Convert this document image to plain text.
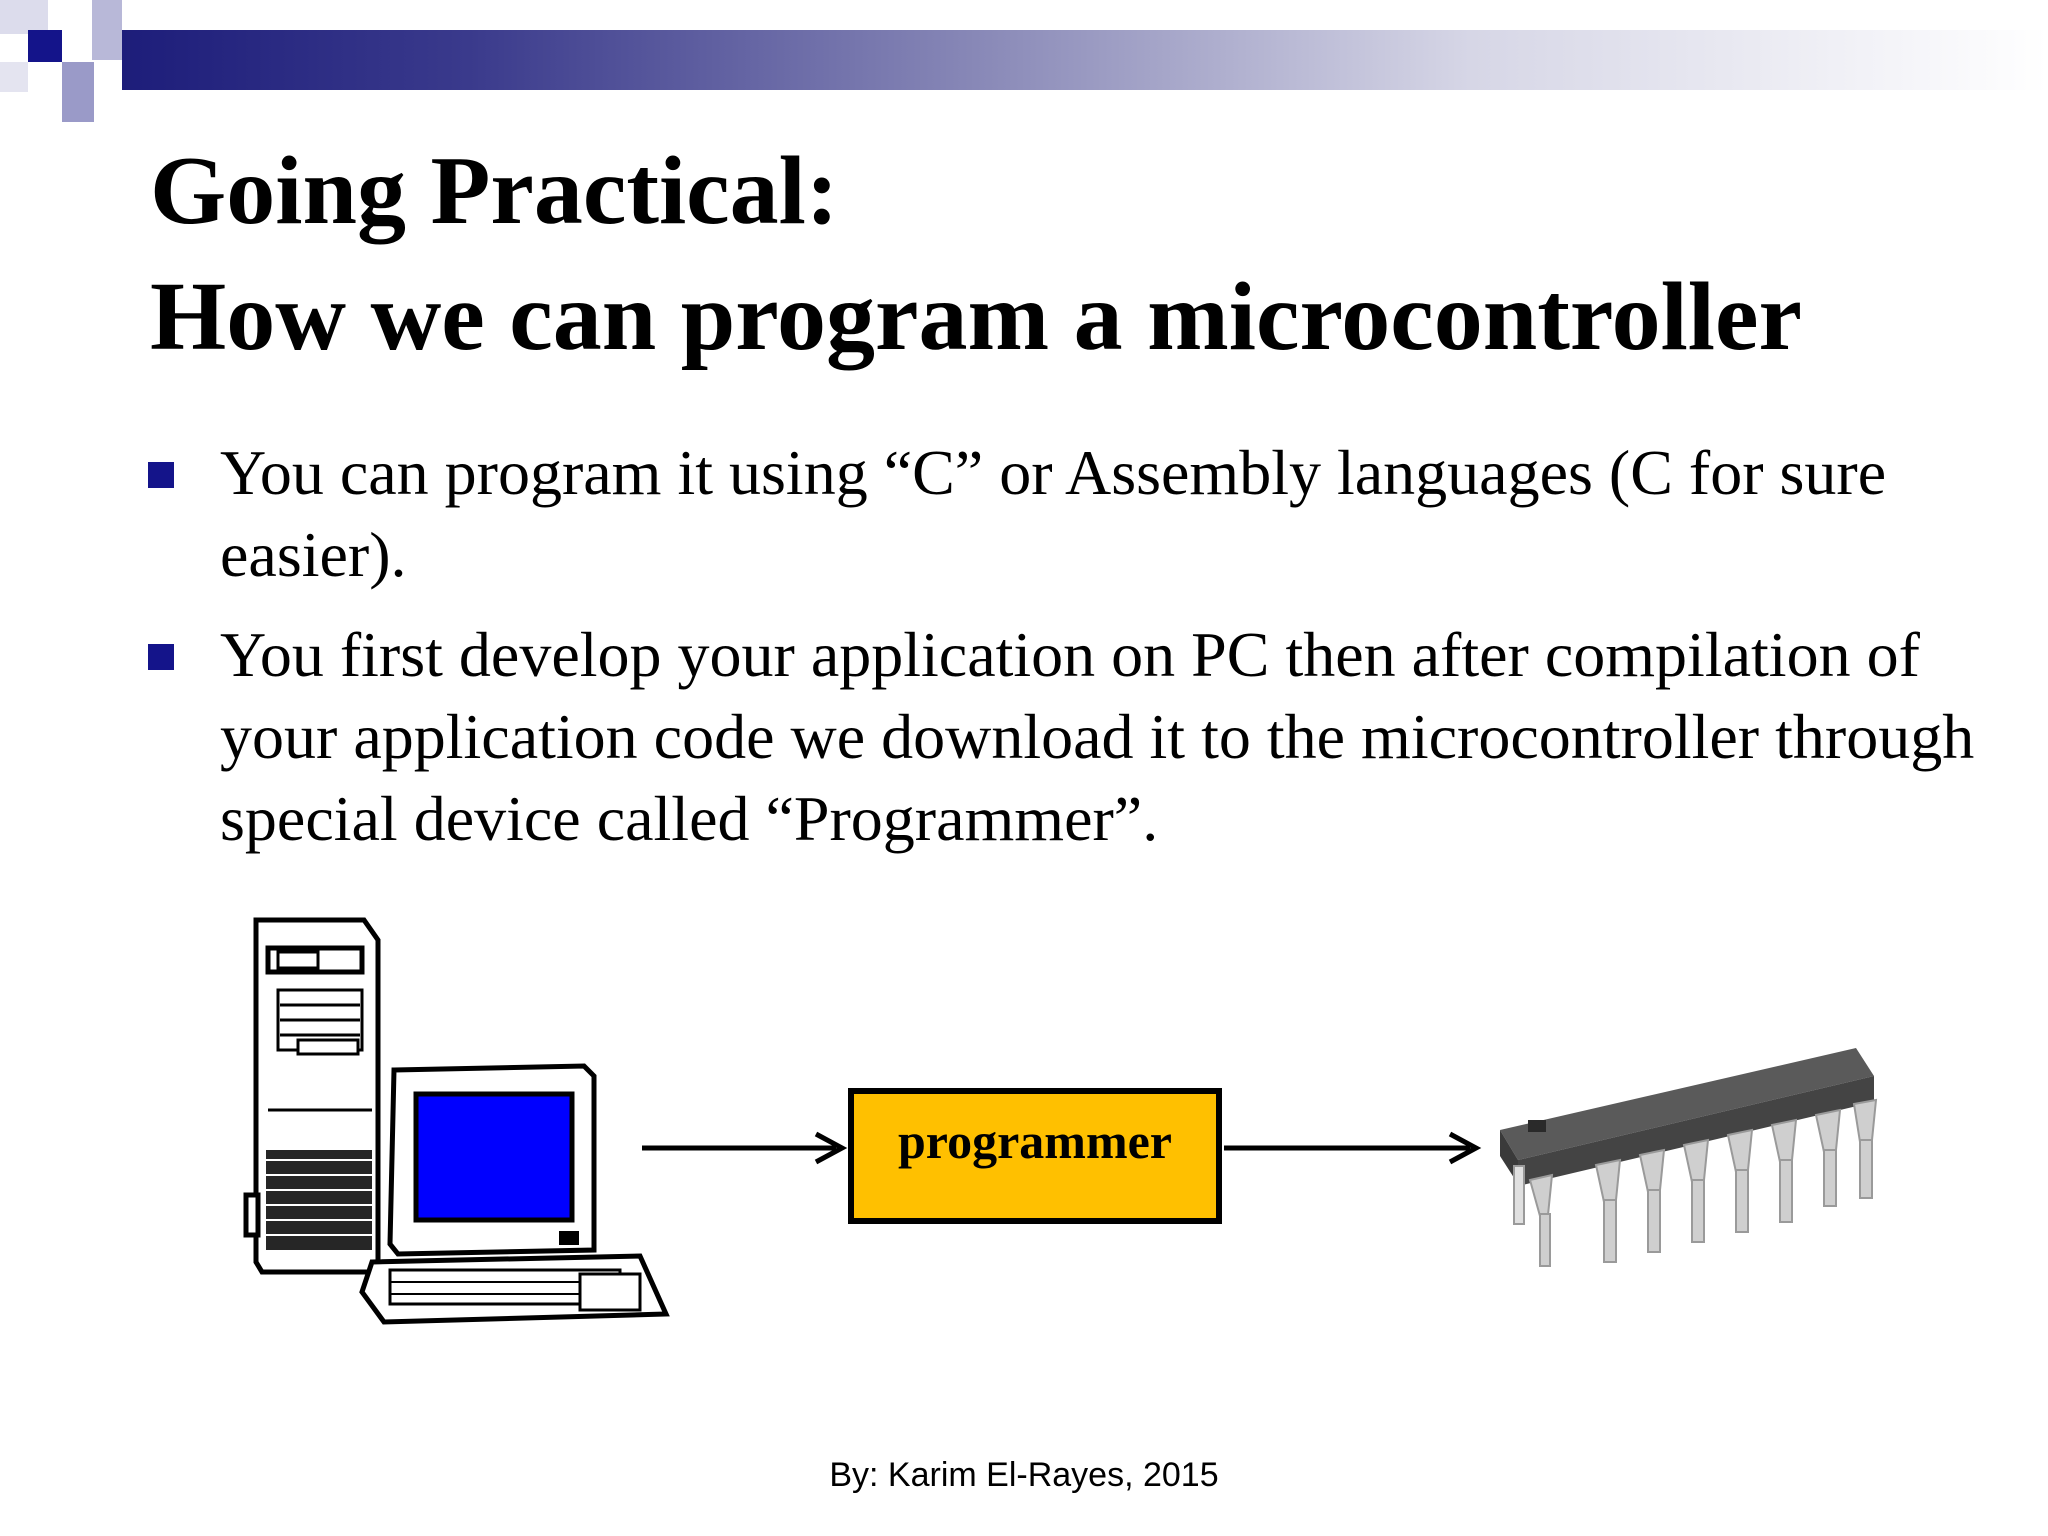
Going Practical:
How we can program a microcontroller
You can program it using “C” or Assembly languages (C for sure easier).
You first develop your application on PC then after compilation of your application code we download it to the microcontroller through special device called “Programmer”.
programmer
By: Karim El-Rayes, 2015
